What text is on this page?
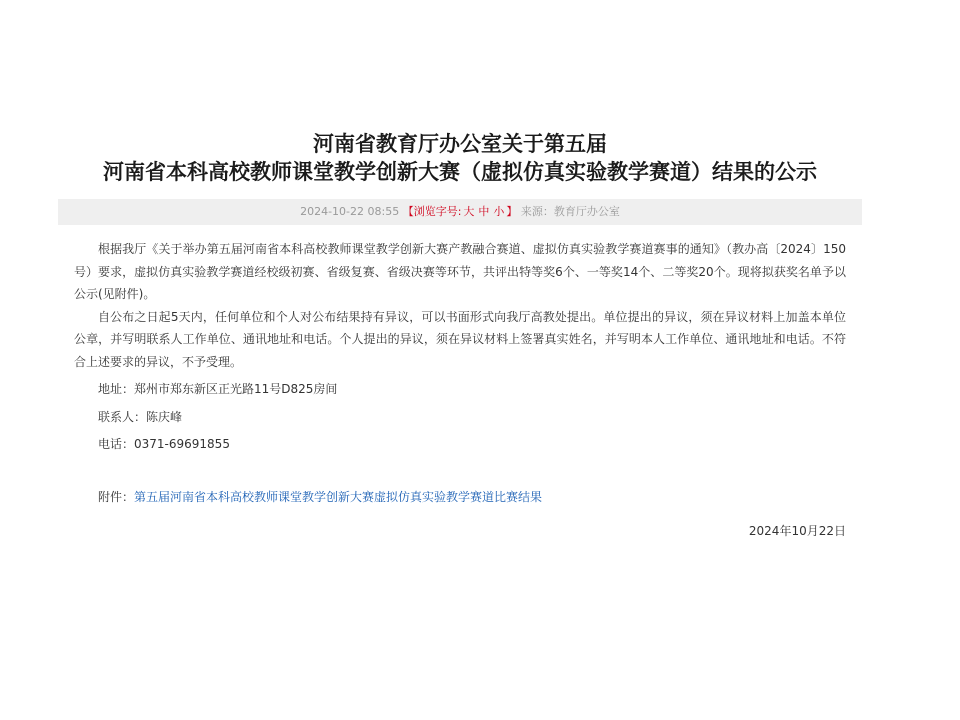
河南省教育厅办公室关于第五届
河南省本科高校教师课堂教学创新大赛（虚拟仿真实验教学赛道）结果的公示
2024-10-22 08:55 【浏览字号: 大 中 小 】 来源：教育厅办公室

根据我厅《关于举办第五届河南省本科高校教师课堂教学创新大赛产教融合赛道、虚拟仿真实验教学赛道赛事的通知》（教办高〔2024〕150号）要求，虚拟仿真实验教学赛道经校级初赛、省级复赛、省级决赛等环节，共评出特等奖6个、一等奖14个、二等奖20个。现将拟获奖名单予以公示(见附件)。

自公布之日起5天内，任何单位和个人对公布结果持有异议，可以书面形式向我厅高教处提出。单位提出的异议，须在异议材料上加盖本单位公章，并写明联系人工作单位、通讯地址和电话。个人提出的异议，须在异议材料上签署真实姓名，并写明本人工作单位、通讯地址和电话。不符合上述要求的异议，不予受理。

地址：郑州市郑东新区正光路11号D825房间

联系人：陈庆峰

电话：0371-69691855

附件：第五届河南省本科高校教师课堂教学创新大赛虚拟仿真实验教学赛道比赛结果

2024年10月22日
